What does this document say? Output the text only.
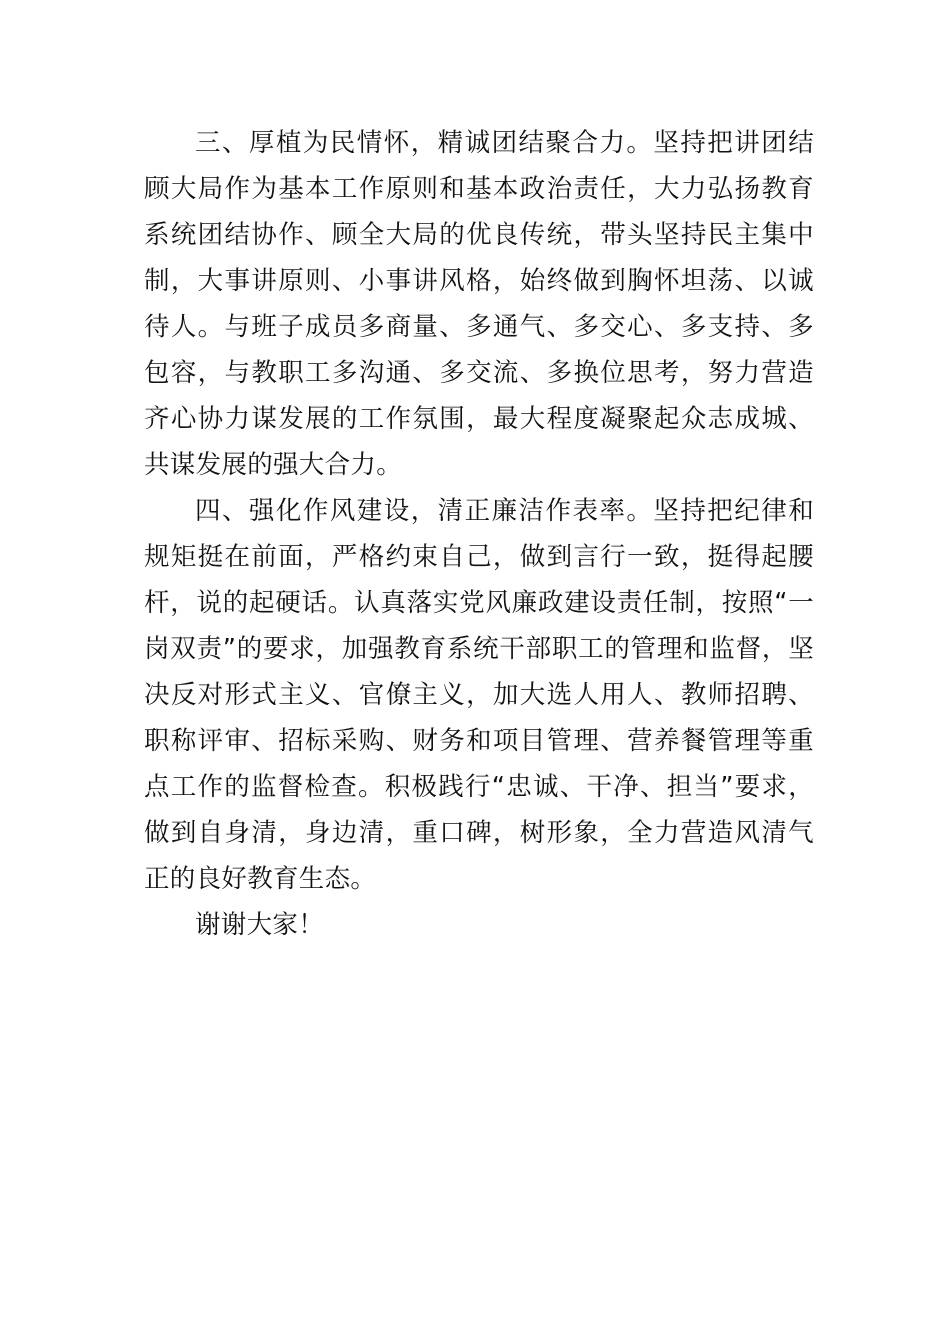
三、厚植为民情怀，精诚团结聚合力。坚持把讲团结顾大局作为基本工作原则和基本政治责任，大力弘扬教育系统团结协作、顾全大局的优良传统，带头坚持民主集中制，大事讲原则、小事讲风格，始终做到胸怀坦荡、以诚待人。与班子成员多商量、多通气、多交心、多支持、多包容，与教职工多沟通、多交流、多换位思考，努力营造齐心协力谋发展的工作氛围，最大程度凝聚起众志成城、共谋发展的强大合力。

四、强化作风建设，清正廉洁作表率。坚持把纪律和规矩挺在前面，严格约束自己，做到言行一致，挺得起腰杆，说的起硬话。认真落实党风廉政建设责任制，按照“一岗双责”的要求，加强教育系统干部职工的管理和监督，坚决反对形式主义、官僚主义，加大选人用人、教师招聘、职称评审、招标采购、财务和项目管理、营养餐管理等重点工作的监督检查。积极践行“忠诚、干净、担当”要求，做到自身清，身边清，重口碑，树形象，全力营造风清气正的良好教育生态。

谢谢大家！
